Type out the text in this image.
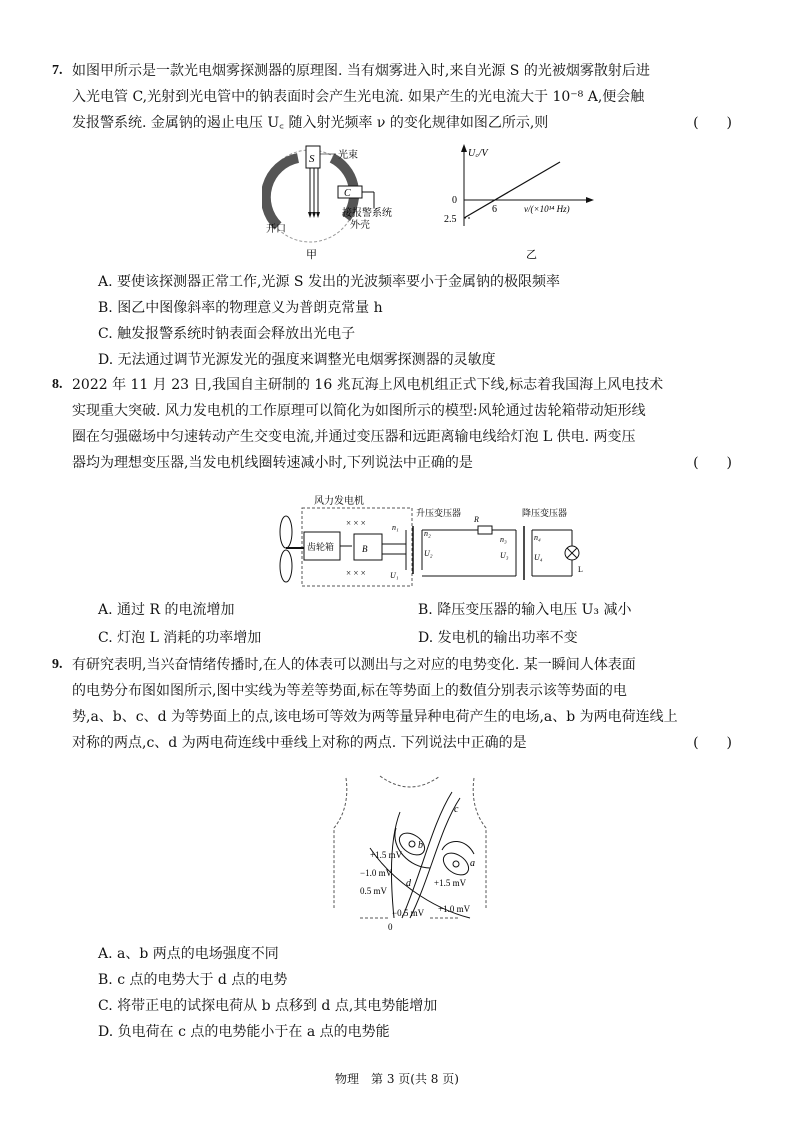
7. 如图甲所示是一款光电烟雾探测器的原理图. 当有烟雾进入时,来自光源 S 的光被烟雾散射后进
入光电管 C,光射到光电管中的钠表面时会产生光电流. 如果产生的光电流大于 10⁻⁸ A,便会触
发报警系统. 金属钠的遏止电压 U꜀ 随入射光频率 ν 的变化规律如图乙所示,则	(　　)
S
C
光束
接报警系统
外壳
开口
甲
U꜀/V
0
2.5
6	ν/(×10¹⁴ Hz)
乙
A. 要使该探测器正常工作,光源 S 发出的光波频率要小于金属钠的极限频率
B. 图乙中图像斜率的物理意义为普朗克常量 h
C. 触发报警系统时钠表面会释放出光电子
D. 无法通过调节光源发光的强度来调整光电烟雾探测器的灵敏度
8. 2022 年 11 月 23 日,我国自主研制的 16 兆瓦海上风电机组正式下线,标志着我国海上风电技术
实现重大突破. 风力发电机的工作原理可以简化为如图所示的模型:风轮通过齿轮箱带动矩形线
圈在匀强磁场中匀速转动产生交变电流,并通过变压器和远距离输电线给灯泡 L 供电. 两变压
器均为理想变压器,当发电机线圈转速减小时,下列说法中正确的是	(　　)
风力发电机
升压变压器	降压变压器
齿轮箱
× × ×
× × ×
B
n₁
n₂
U₁
U₂
R
n₃	n₄
U₃	U₄
L
A. 通过 R 的电流增加	B. 降压变压器的输入电压 U₃ 减小
C. 灯泡 L 消耗的功率增加	D. 发电机的输出功率不变
9. 有研究表明,当兴奋情绪传播时,在人的体表可以测出与之对应的电势变化. 某一瞬间人体表面
的电势分布图如图所示,图中实线为等差等势面,标在等势面上的数值分别表示该等势面的电
势,a、b、c、d 为等势面上的点,该电场可等效为两等量异种电荷产生的电场,a、b 为两电荷连线上
对称的两点,c、d 为两电荷连线中垂线上对称的两点. 下列说法中正确的是	(　　)
+1.5 mV
−1.0 mV
0.5 mV
−0.5 mV +1.0 mV
+1.5 mV
0
a
b
c
d
A. a、b 两点的电场强度不同
B. c 点的电势大于 d 点的电势
C. 将带正电的试探电荷从 b 点移到 d 点,其电势能增加
D. 负电荷在 c 点的电势能小于在 a 点的电势能
物理　第 3 页(共 8 页)
